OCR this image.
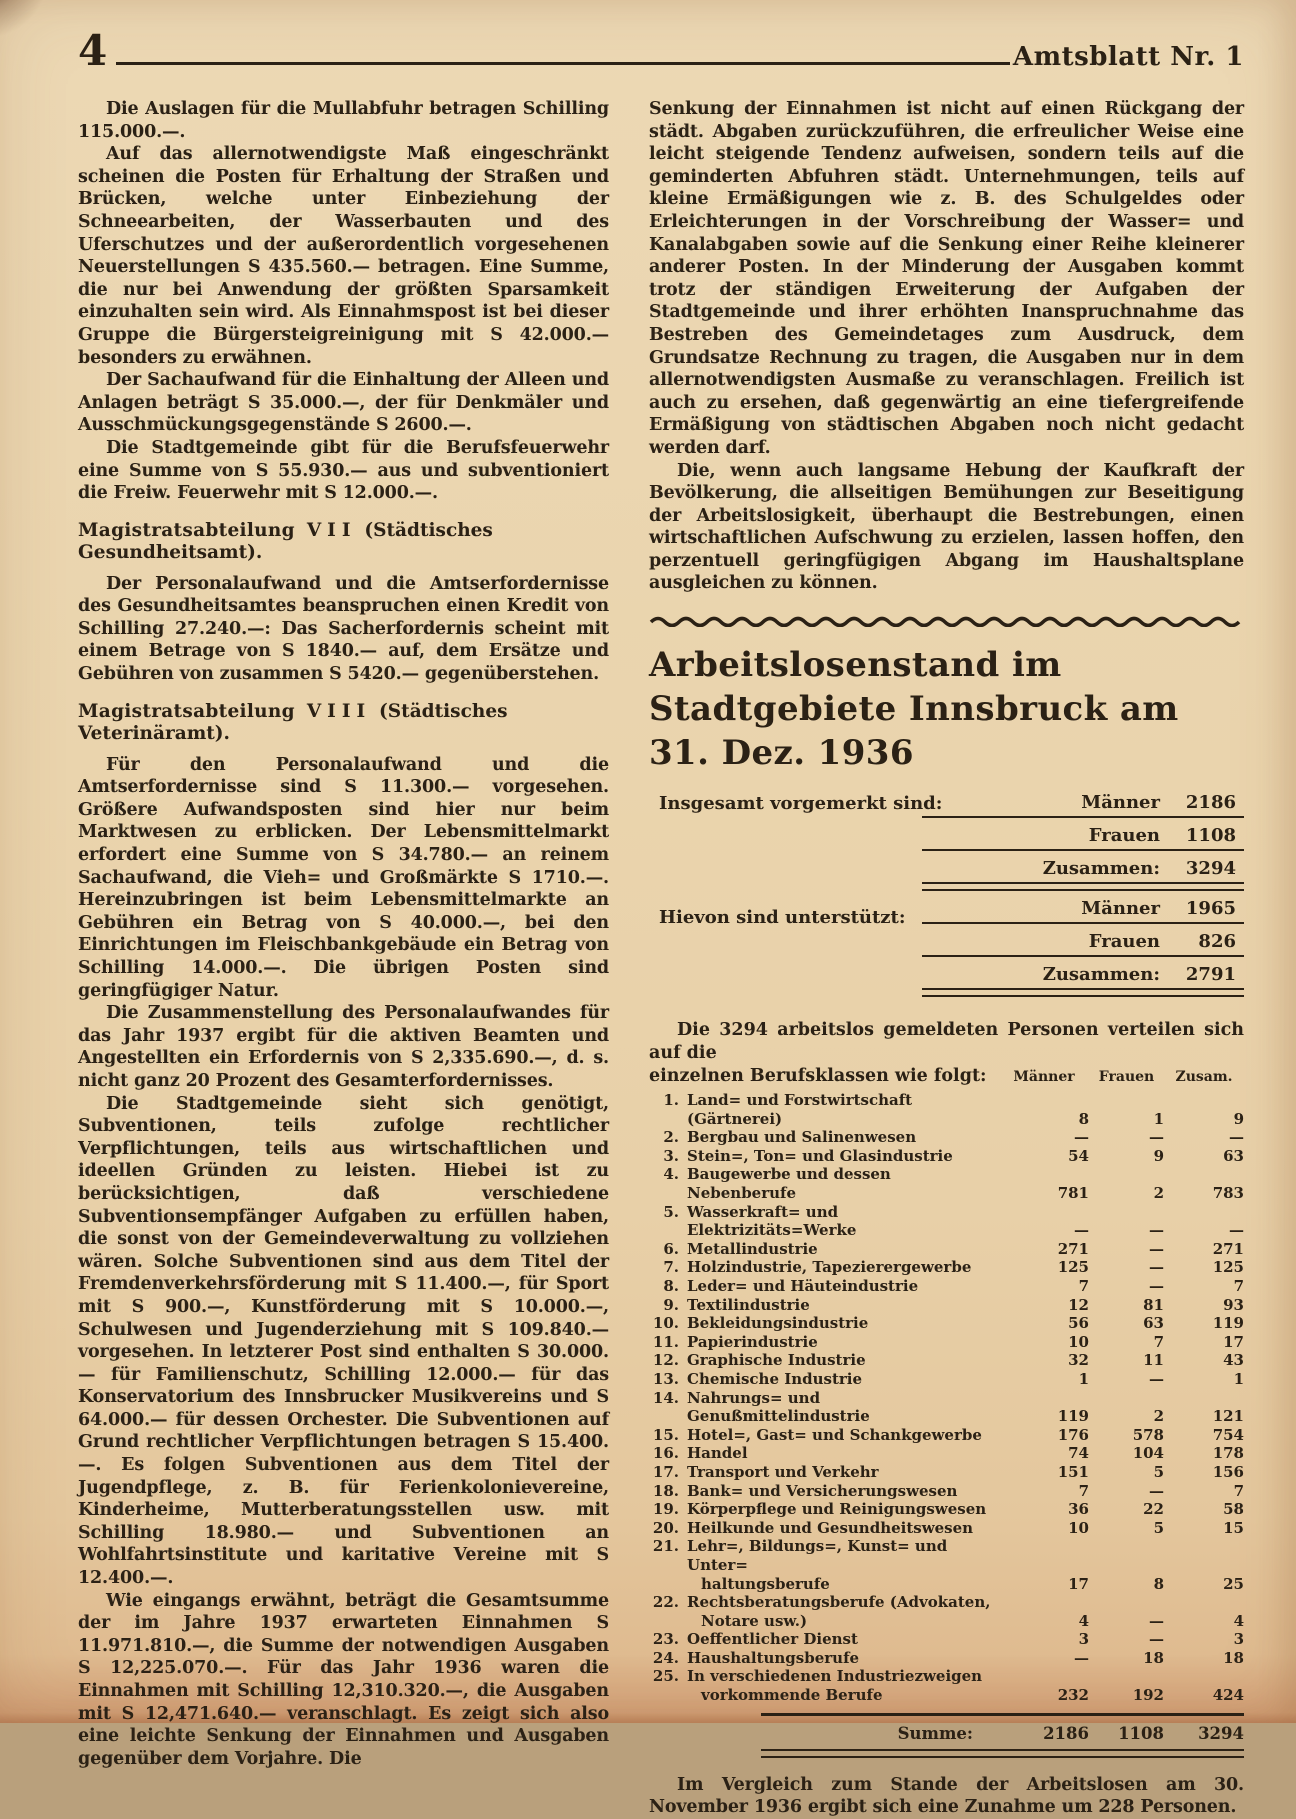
4	Amtsblatt Nr. 1

Die Auslagen für die Mullabfuhr betragen Schilling 115.000.—.

Auf das allernotwendigste Maß eingeschränkt scheinen die Posten für Erhaltung der Straßen und Brücken, welche unter Einbeziehung der Schneearbeiten, der Wasserbauten und des Uferschutzes und der außerordentlich vorgesehenen Neuerstellungen S 435.560.— betragen. Eine Summe, die nur bei Anwendung der größten Sparsamkeit einzuhalten sein wird. Als Einnahmspost ist bei dieser Gruppe die Bürgersteigreinigung mit S 42.000.— besonders zu erwähnen.

Der Sachaufwand für die Einhaltung der Alleen und Anlagen beträgt S 35.000.—, der für Denkmäler und Ausschmückungsgegenstände S 2600.—.

Die Stadtgemeinde gibt für die Berufsfeuerwehr eine Summe von S 55.930.— aus und subventioniert die Freiw. Feuerwehr mit S 12.000.—.

Magistratsabteilung VII (Städtisches Gesundheitsamt).

Der Personalaufwand und die Amtserfordernisse des Gesundheitsamtes beanspruchen einen Kredit von Schilling 27.240.—: Das Sacherfordernis scheint mit einem Betrage von S 1840.— auf, dem Ersätze und Gebühren von zusammen S 5420.— gegenüberstehen.

Magistratsabteilung VIII (Städtisches Veterinäramt).

Für den Personalaufwand und die Amtserfordernisse sind S 11.300.— vorgesehen. Größere Aufwandsposten sind hier nur beim Marktwesen zu erblicken. Der Lebensmittelmarkt erfordert eine Summe von S 34.780.— an reinem Sachaufwand, die Vieh= und Großmärkte S 1710.—. Hereinzubringen ist beim Lebensmittelmarkte an Gebühren ein Betrag von S 40.000.—, bei den Einrichtungen im Fleischbankgebäude ein Betrag von Schilling 14.000.—. Die übrigen Posten sind geringfügiger Natur.

Die Zusammenstellung des Personalaufwandes für das Jahr 1937 ergibt für die aktiven Beamten und Angestellten ein Erfordernis von S 2,335.690.—, d. s. nicht ganz 20 Prozent des Gesamterfordernisses.

Die Stadtgemeinde sieht sich genötigt, Subventionen, teils zufolge rechtlicher Verpflichtungen, teils aus wirtschaftlichen und ideellen Gründen zu leisten. Hiebei ist zu berücksichtigen, daß verschiedene Subventionsempfänger Aufgaben zu erfüllen haben, die sonst von der Gemeindeverwaltung zu vollziehen wären. Solche Subventionen sind aus dem Titel der Fremdenverkehrsförderung mit S 11.400.—, für Sport mit S 900.—, Kunstförderung mit S 10.000.—, Schulwesen und Jugenderziehung mit S 109.840.— vorgesehen. In letzterer Post sind enthalten S 30.000.— für Familienschutz, Schilling 12.000.— für das Konservatorium des Innsbrucker Musikvereins und S 64.000.— für dessen Orchester. Die Subventionen auf Grund rechtlicher Verpflichtungen betragen S 15.400.—. Es folgen Subventionen aus dem Titel der Jugendpflege, z. B. für Ferienkolonievereine, Kinderheime, Mutterberatungsstellen usw. mit Schilling 18.980.— und Subventionen an Wohlfahrtsinstitute und karitative Vereine mit S 12.400.—.

Wie eingangs erwähnt, beträgt die Gesamtsumme der im Jahre 1937 erwarteten Einnahmen S 11.971.810.—, die Summe der notwendigen Ausgaben S 12,225.070.—. Für das Jahr 1936 waren die Einnahmen mit Schilling 12,310.320.—, die Ausgaben mit S 12,471.640.— veranschlagt. Es zeigt sich also eine leichte Senkung der Einnahmen und Ausgaben gegenüber dem Vorjahre. Die

Senkung der Einnahmen ist nicht auf einen Rückgang der städt. Abgaben zurückzuführen, die erfreulicher Weise eine leicht steigende Tendenz aufweisen, sondern teils auf die geminderten Abfuhren städt. Unternehmungen, teils auf kleine Ermäßigungen wie z. B. des Schulgeldes oder Erleichterungen in der Vorschreibung der Wasser= und Kanalabgaben sowie auf die Senkung einer Reihe kleinerer anderer Posten. In der Minderung der Ausgaben kommt trotz der ständigen Erweiterung der Aufgaben der Stadtgemeinde und ihrer erhöhten Inanspruchnahme das Bestreben des Gemeindetages zum Ausdruck, dem Grundsatze Rechnung zu tragen, die Ausgaben nur in dem allernotwendigsten Ausmaße zu veranschlagen. Freilich ist auch zu ersehen, daß gegenwärtig an eine tiefergreifende Ermäßigung von städtischen Abgaben noch nicht gedacht werden darf.

Die, wenn auch langsame Hebung der Kaufkraft der Bevölkerung, die allseitigen Bemühungen zur Beseitigung der Arbeitslosigkeit, überhaupt die Bestrebungen, einen wirtschaftlichen Aufschwung zu erzielen, lassen hoffen, den perzentuell geringfügigen Abgang im Haushaltsplane ausgleichen zu können.

Arbeitslosenstand im
Stadtgebiete Innsbruck am 31. Dez. 1936
Insgesamt vorgemerkt sind:
Hievon sind unterstützt:
Männer	2186
Frauen	1108
Zusammen:	3294
Männer	1965
Frauen	826
Zusammen:	2791

Die 3294 arbeitslos gemeldeten Personen verteilen sich auf die

einzelnen Berufsklassen wie folgt:	Männer	Frauen	Zusam.
1. Land= und Forstwirtschaft (Gärtnerei)	8	1	9
2. Bergbau und Salinenwesen	—	—	—
3. Stein=, Ton= und Glasindustrie	54	9	63
4. Baugewerbe und dessen Nebenberufe	781	2	783
5. Wasserkraft= und Elektrizitäts=Werke	—	—	—
6. Metallindustrie	271	—	271
7. Holzindustrie, Tapezierergewerbe	125	—	125
8. Leder= und Häuteindustrie	7	—	7
9. Textilindustrie	12	81	93
10. Bekleidungsindustrie	56	63	119
11. Papierindustrie	10	7	17
12. Graphische Industrie	32	11	43
13. Chemische Industrie	1	—	1
14. Nahrungs= und Genußmittelindustrie	119	2	121
15. Hotel=, Gast= und Schankgewerbe	176	578	754
16. Handel	74	104	178
17. Transport und Verkehr	151	5	156
18. Bank= und Versicherungswesen	7	—	7
19. Körperpflege und Reinigungswesen	36	22	58
20. Heilkunde und Gesundheitswesen	10	5	15
21. Lehr=, Bildungs=, Kunst= und Unter=
haltungsberufe	17	8	25
22. Rechtsberatungsberufe (Advokaten,
Notare usw.)	4	—	4
23. Oeffentlicher Dienst	3	—	3
24. Haushaltungsberufe	—	18	18
25. In verschiedenen Industriezweigen
vorkommende Berufe	232	192	424
Summe:	2186	1108	3294

Im Vergleich zum Stande der Arbeitslosen am 30. November 1936 ergibt sich eine Zunahme um 228 Personen.
